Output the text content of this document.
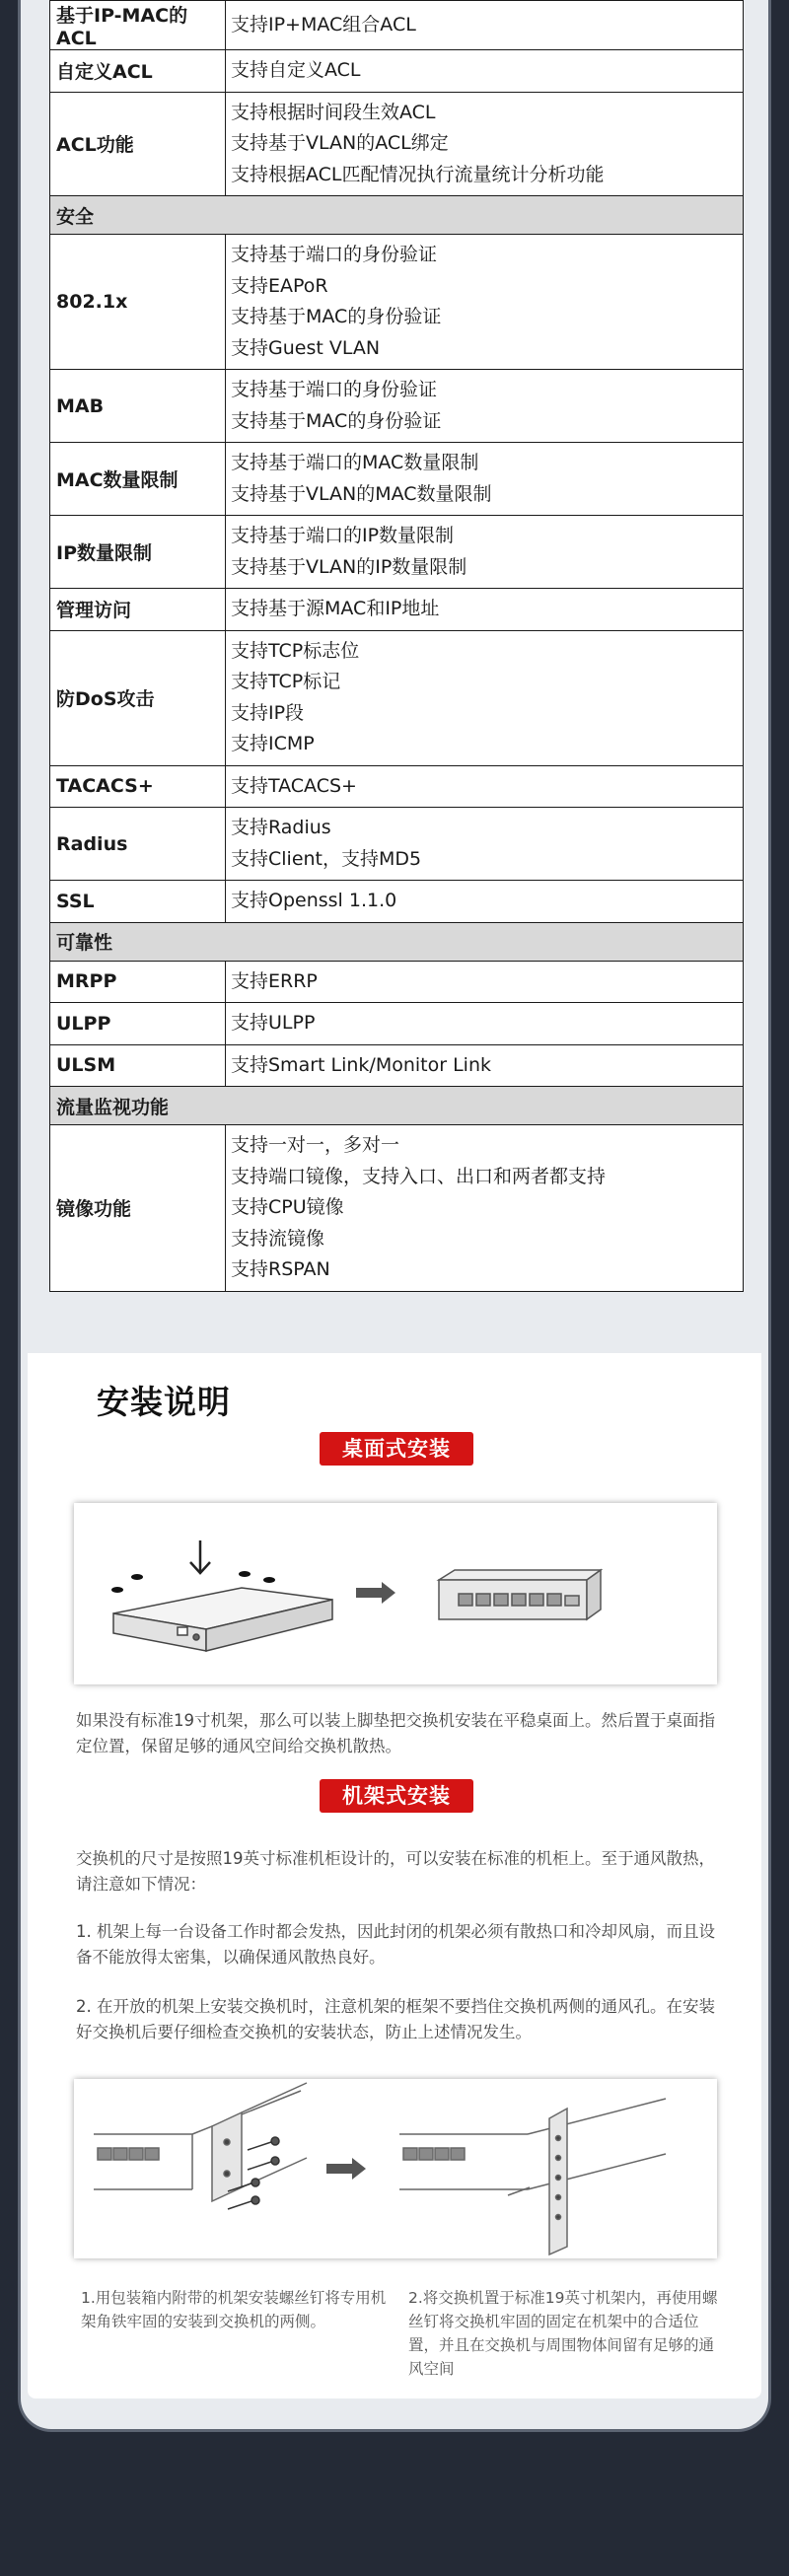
基于IP-MAC的ACL	支持IP+MAC组合ACL

自定义ACL	支持自定义ACL

ACL功能	支持根据时间段生效ACL
支持基于VLAN的ACL绑定
支持根据ACL匹配情况执行流量统计分析功能

安全	
802.1x	支持基于端口的身份验证
支持EAPoR
支持基于MAC的身份验证
支持Guest VLAN

MAB	支持基于端口的身份验证
支持基于MAC的身份验证

MAC数量限制	支持基于端口的MAC数量限制
支持基于VLAN的MAC数量限制

IP数量限制	支持基于端口的IP数量限制
支持基于VLAN的IP数量限制

管理访问	支持基于源MAC和IP地址

防DoS攻击	支持TCP标志位
支持TCP标记
支持IP段
支持ICMP

TACACS+	支持TACACS+

Radius	支持Radius
支持Client，支持MD5

SSL	支持Openssl 1.1.0

可靠性	
MRPP	支持ERRP

ULPP	支持ULPP

ULSM	支持Smart Link/Monitor Link

流量监视功能	
镜像功能	支持一对一，多对一
支持端口镜像，支持入口、出口和两者都支持
支持CPU镜像
支持流镜像
支持RSPAN
安装说明
桌面式安装
如果没有标准19寸机架，那么可以装上脚垫把交换机安装在平稳桌面上。然后置于桌面指定位置，保留足够的通风空间给交换机散热。
机架式安装
交换机的尺寸是按照19英寸标准机柜设计的，可以安装在标准的机柜上。至于通风散热，请注意如下情况：
1. 机架上每一台设备工作时都会发热，因此封闭的机架必须有散热口和冷却风扇，而且设备不能放得太密集，以确保通风散热良好。
2. 在开放的机架上安装交换机时，注意机架的框架不要挡住交换机两侧的通风孔。在安装好交换机后要仔细检查交换机的安装状态，防止上述情况发生。
1.用包装箱内附带的机架安装螺丝钉将专用机架角铁牢固的安装到交换机的两侧。
2.将交换机置于标准19英寸机架内，再使用螺丝钉将交换机牢固的固定在机架中的合适位置，并且在交换机与周围物体间留有足够的通风空间
